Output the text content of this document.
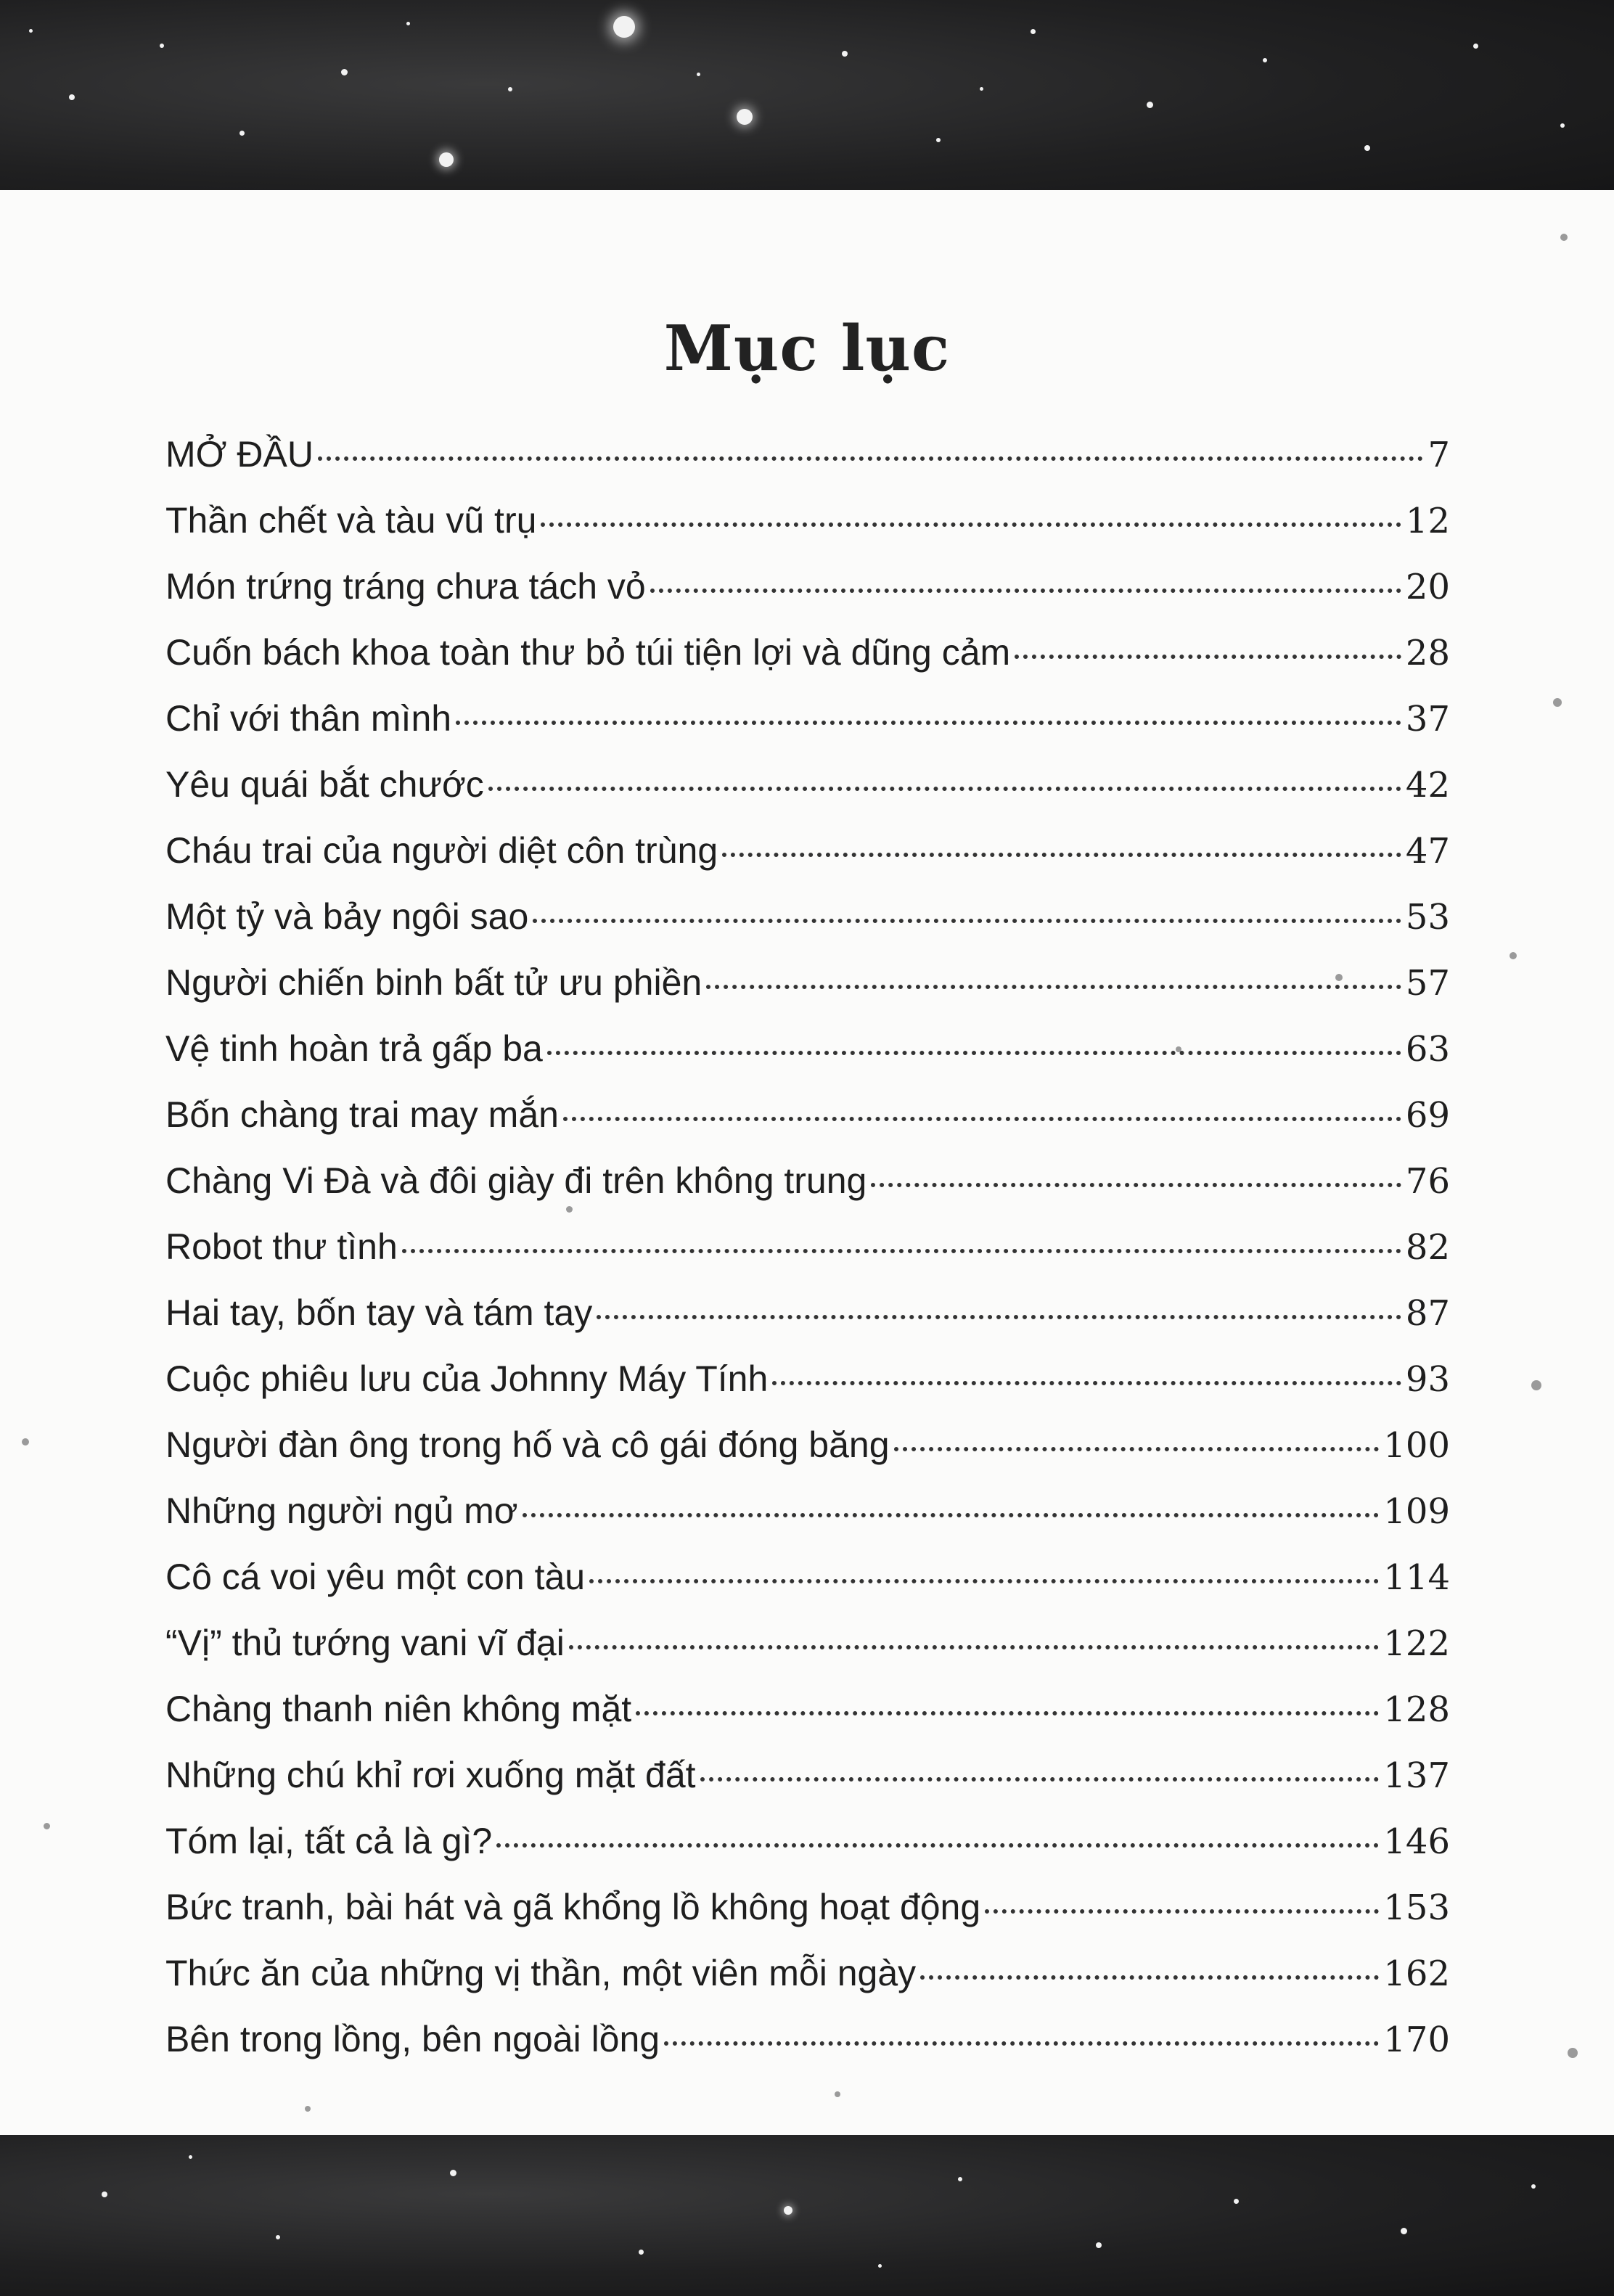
Mục lục
MỞ ĐẦU	7
Thần chết và tàu vũ trụ	12
Món trứng tráng chưa tách vỏ	20
Cuốn bách khoa toàn thư bỏ túi tiện lợi và dũng cảm	28
Chỉ với thân mình	37
Yêu quái bắt chước	42
Cháu trai của người diệt côn trùng	47
Một tỷ và bảy ngôi sao	53
Người chiến binh bất tử ưu phiền	57
Vệ tinh hoàn trả gấp ba	63
Bốn chàng trai may mắn	69
Chàng Vi Đà và đôi giày đi trên không trung	76
Robot thư tình	82
Hai tay, bốn tay và tám tay	87
Cuộc phiêu lưu của Johnny Máy Tính	93
Người đàn ông trong hố và cô gái đóng băng	100
Những người ngủ mơ	109
Cô cá voi yêu một con tàu	114
“Vị” thủ tướng vani vĩ đại	122
Chàng thanh niên không mặt	128
Những chú khỉ rơi xuống mặt đất	137
Tóm lại, tất cả là gì?	146
Bức tranh, bài hát và gã khổng lồ không hoạt động	153
Thức ăn của những vị thần, một viên mỗi ngày	162
Bên trong lồng, bên ngoài lồng	170
